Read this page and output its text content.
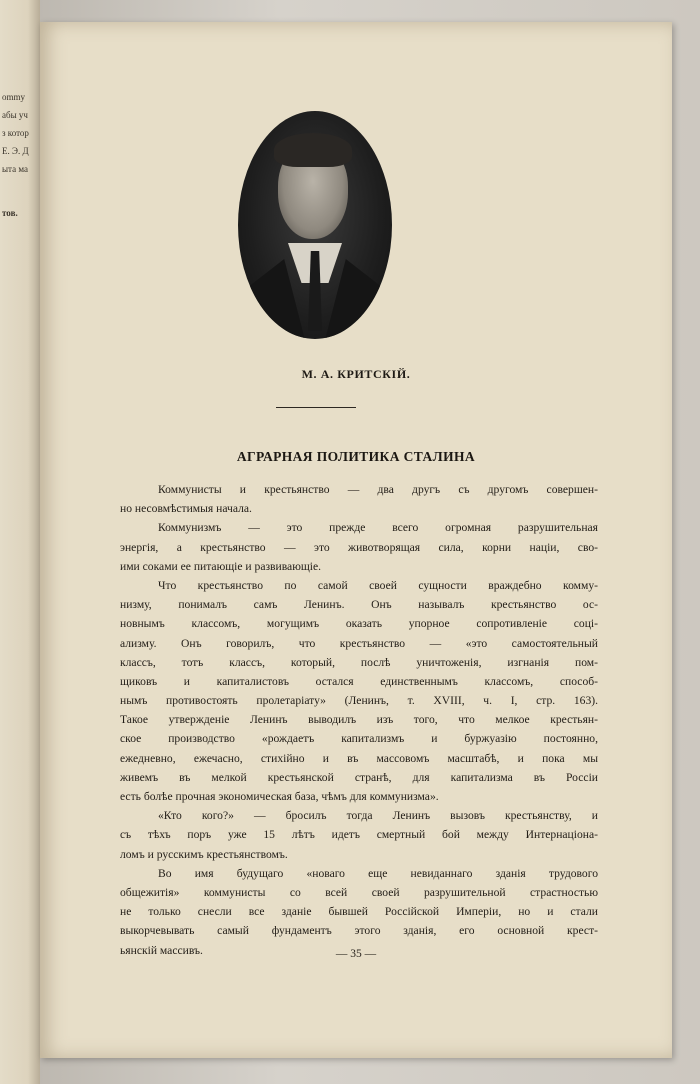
ommy
абы уч
з котор
Е. Э. Д
ыта ма
тов.
М. А. КРИТСКІЙ.
АГРАРНАЯ ПОЛИТИКА СТАЛИНА
Коммунисты и крестьянство — два другъ съ другомъ совершен-
но несовмѣстимыя начала.
Коммунизмъ — это прежде всего огромная разрушительная
энергія, а крестьянство — это животворящая сила, корни націи, сво-
ими соками ее питающіе и развивающіе.
Что крестьянство по самой своей сущности враждебно комму-
низму, понималъ самъ Ленинъ. Онъ называлъ крестьянство ос-
новнымъ классомъ, могущимъ оказать упорное сопротивленіе соці-
ализму. Онъ говорилъ, что крестьянство — «это самостоятельный
классъ, тотъ классъ, который, послѣ уничтоженія, изгнанія пом-
щиковъ и капиталистовъ остался единственнымъ классомъ, способ-
нымъ противостоять пролетаріату» (Ленинъ, т. XVIII, ч. I, стр. 163).
Такое утвержденіе Ленинъ выводилъ изъ того, что мелкое крестьян-
ское производство «рождаетъ капитализмъ и буржуазію постоянно,
ежедневно, ежечасно, стихійно и въ массовомъ масштабѣ, и пока мы
живемъ въ мелкой крестьянской странѣ, для капитализма въ Россіи
есть болѣе прочная экономическая база, чѣмъ для коммунизма».
«Кто кого?» — бросилъ тогда Ленинъ вызовъ крестьянству, и
съ тѣхъ поръ уже 15 лѣтъ идетъ смертный бой между Интернаціона-
ломъ и русскимъ крестьянствомъ.
Во имя будущаго «новаго еще невиданнаго зданія трудового
общежитія» коммунисты со всей своей разрушительной страстностью
не только снесли все зданіе бывшей Россійской Имперіи, но и стали
выкорчевывать самый фундаментъ этого зданія, его основной крест-
ьянскій массивъ.	— 35 —
